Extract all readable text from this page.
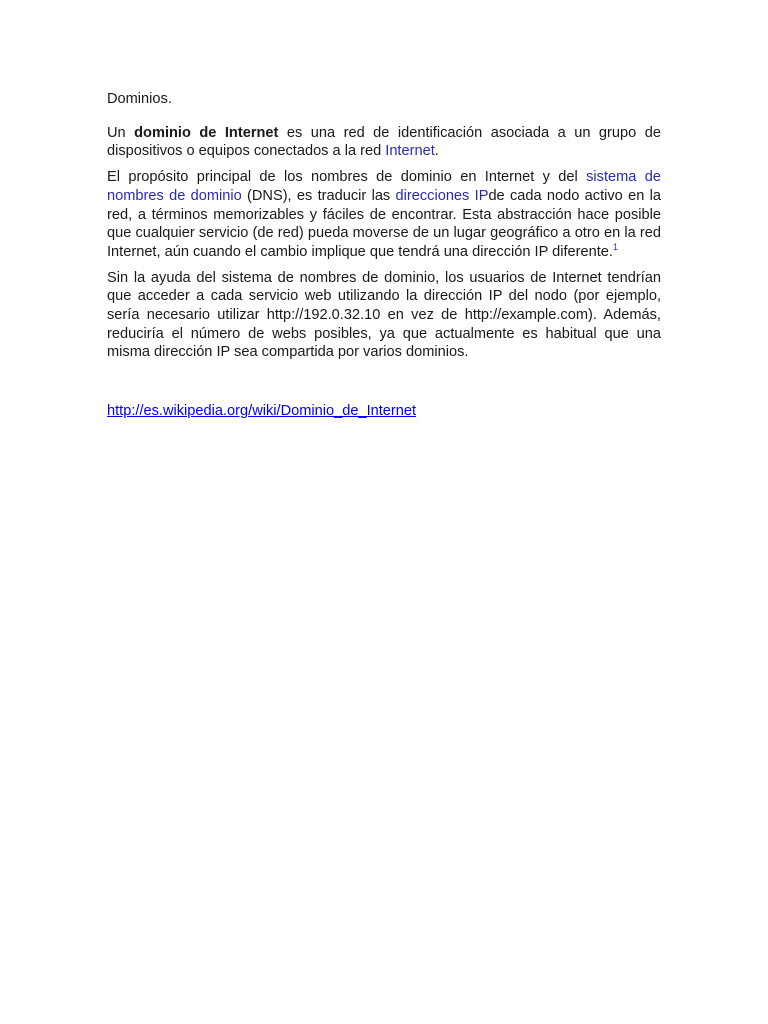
Dominios.

Un dominio de Internet es una red de identificación asociada a un grupo de dispositivos o equipos conectados a la red Internet.

El propósito principal de los nombres de dominio en Internet y del sistema de nombres de dominio (DNS), es traducir las direcciones IPde cada nodo activo en la red, a términos memorizables y fáciles de encontrar. Esta abstracción hace posible que cualquier servicio (de red) pueda moverse de un lugar geográfico a otro en la red Internet, aún cuando el cambio implique que tendrá una dirección IP diferente.$^1$

Sin la ayuda del sistema de nombres de dominio, los usuarios de Internet tendrían que acceder a cada servicio web utilizando la dirección IP del nodo (por ejemplo, sería necesario utilizar http://192.0.32.10 en vez de http://example.com). Además, reduciría el número de webs posibles, ya que actualmente es habitual que una misma dirección IP sea compartida por varios dominios.

http://es.wikipedia.org/wiki/Dominio_de_Internet
